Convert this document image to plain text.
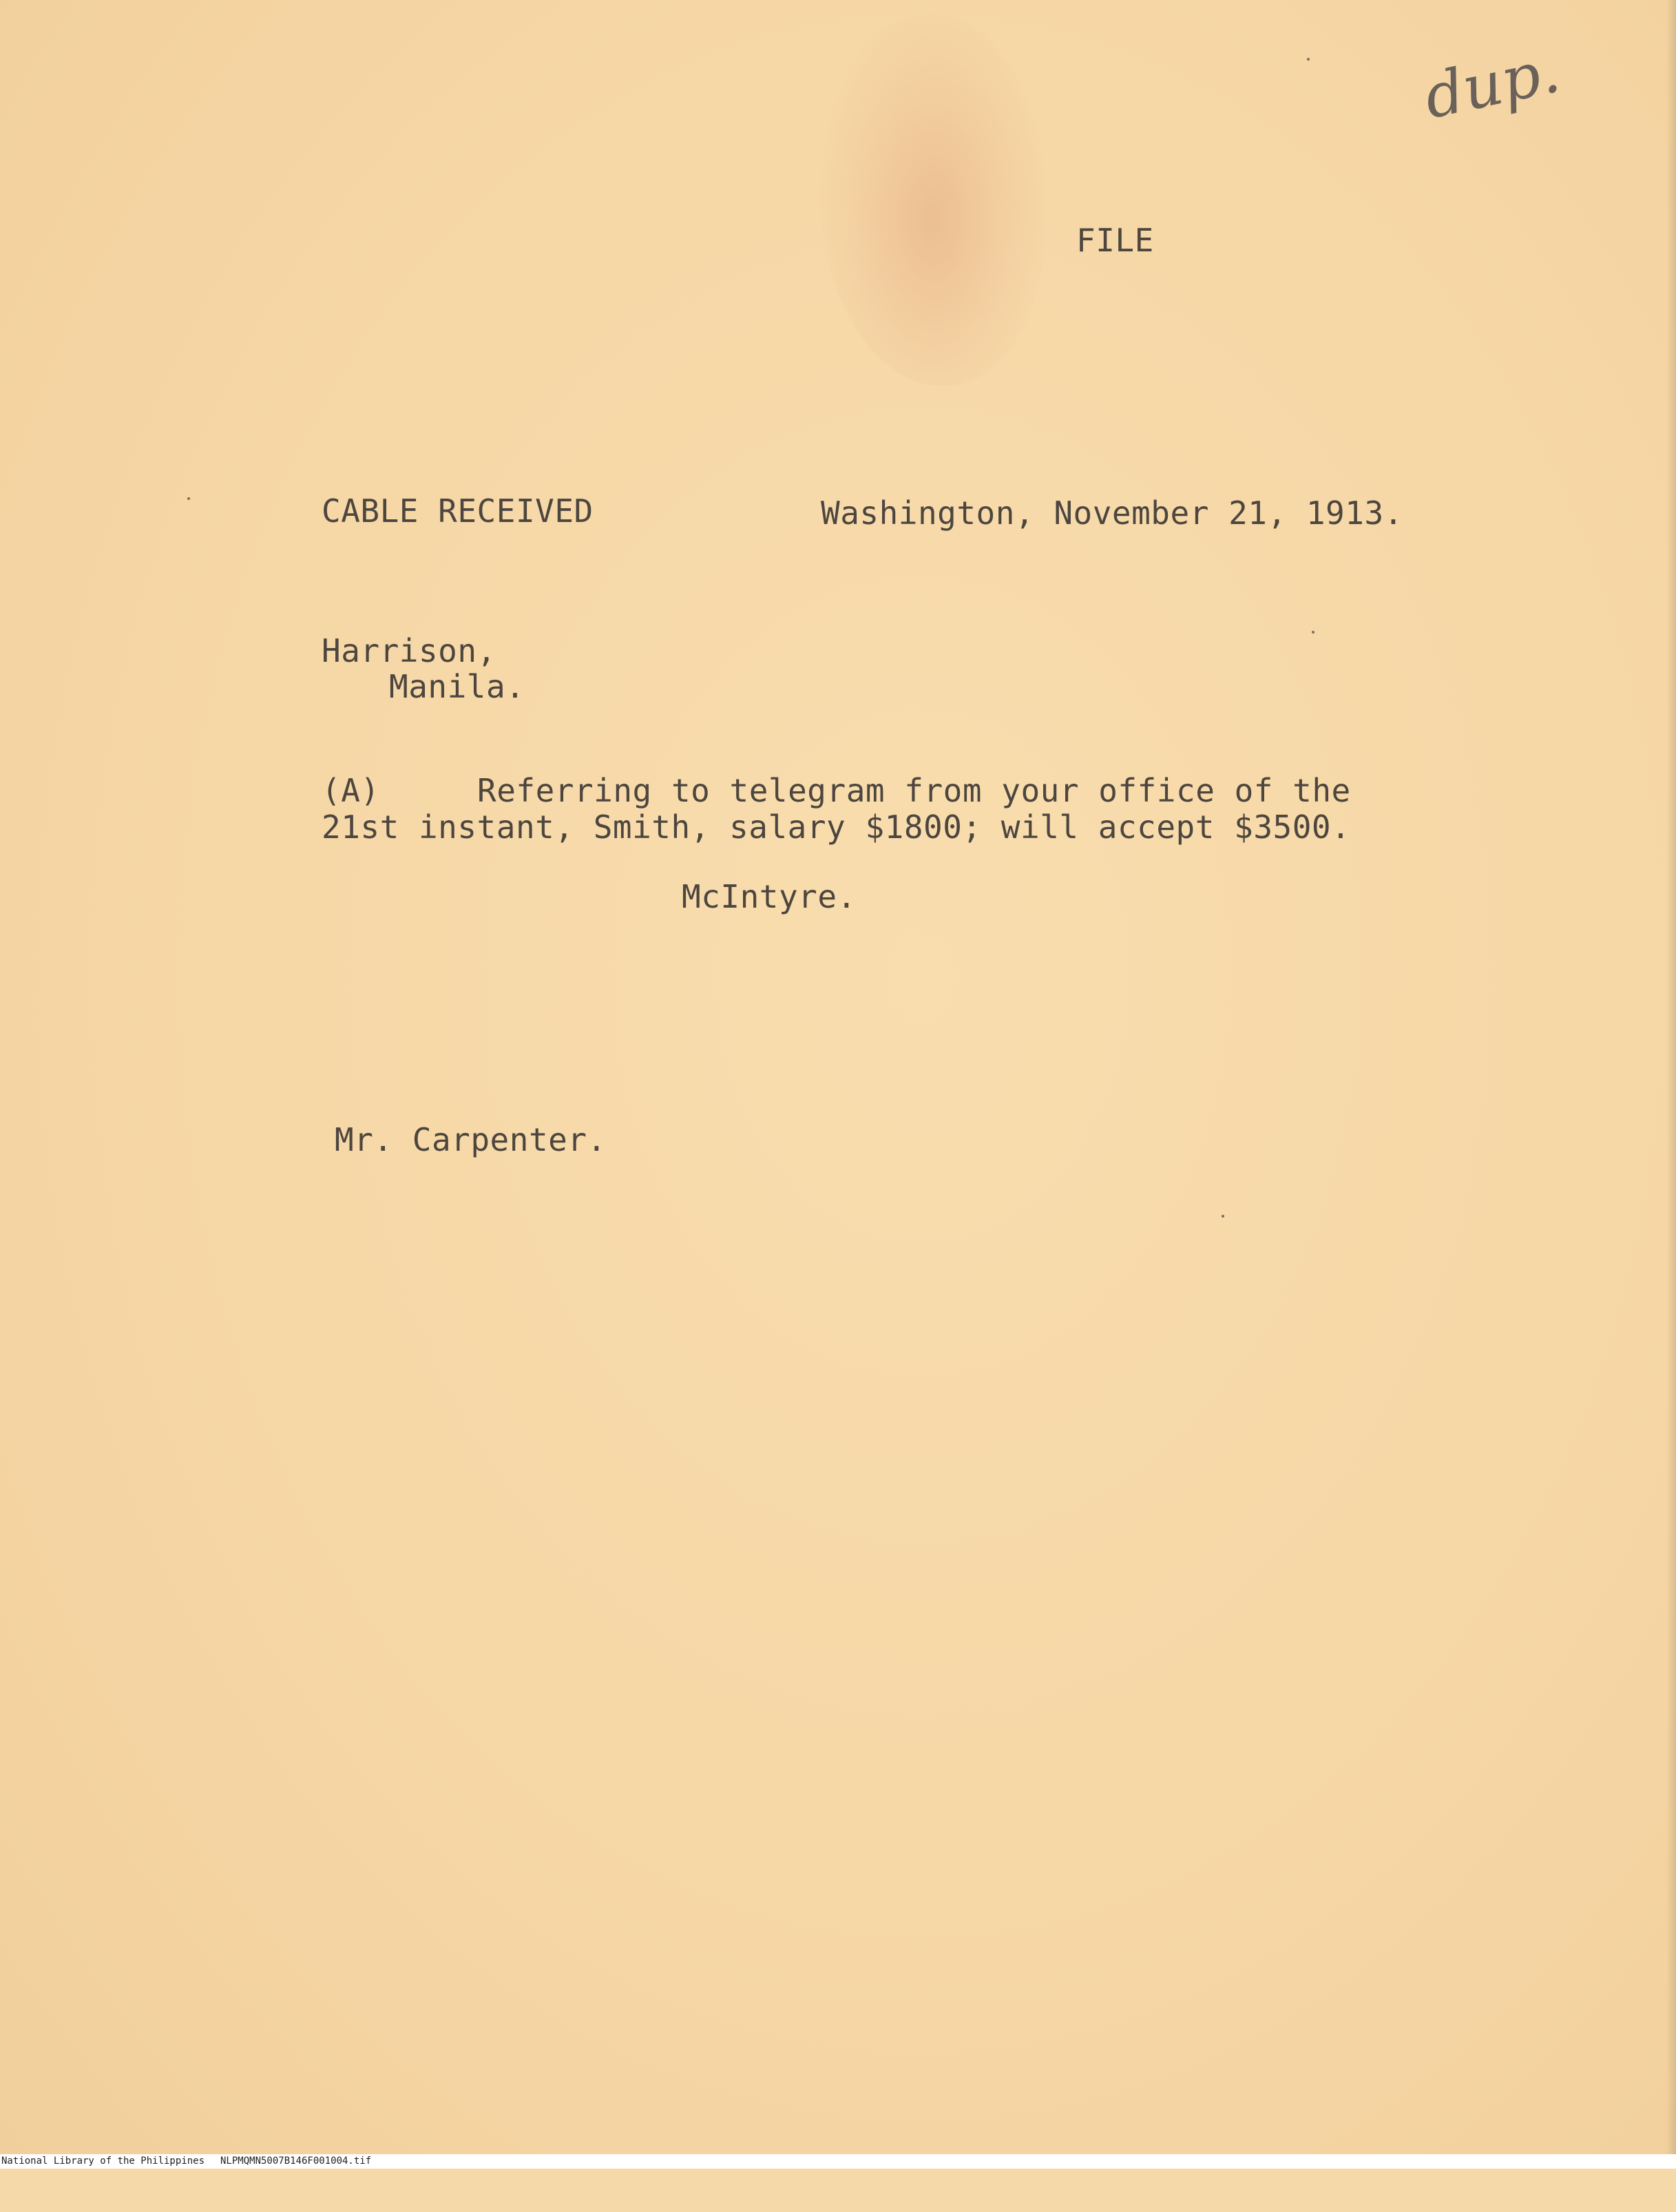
dup.
FILE
CABLE RECEIVED	Washington, November 21, 1913.
Harrison,
Manila.
(A)	Referring to telegram from your office of the
21st instant, Smith, salary $1800; will accept $3500.
McIntyre.
Mr. Carpenter.

National Library of the Philippines

NLPMQMN5007B146F001004.tif
